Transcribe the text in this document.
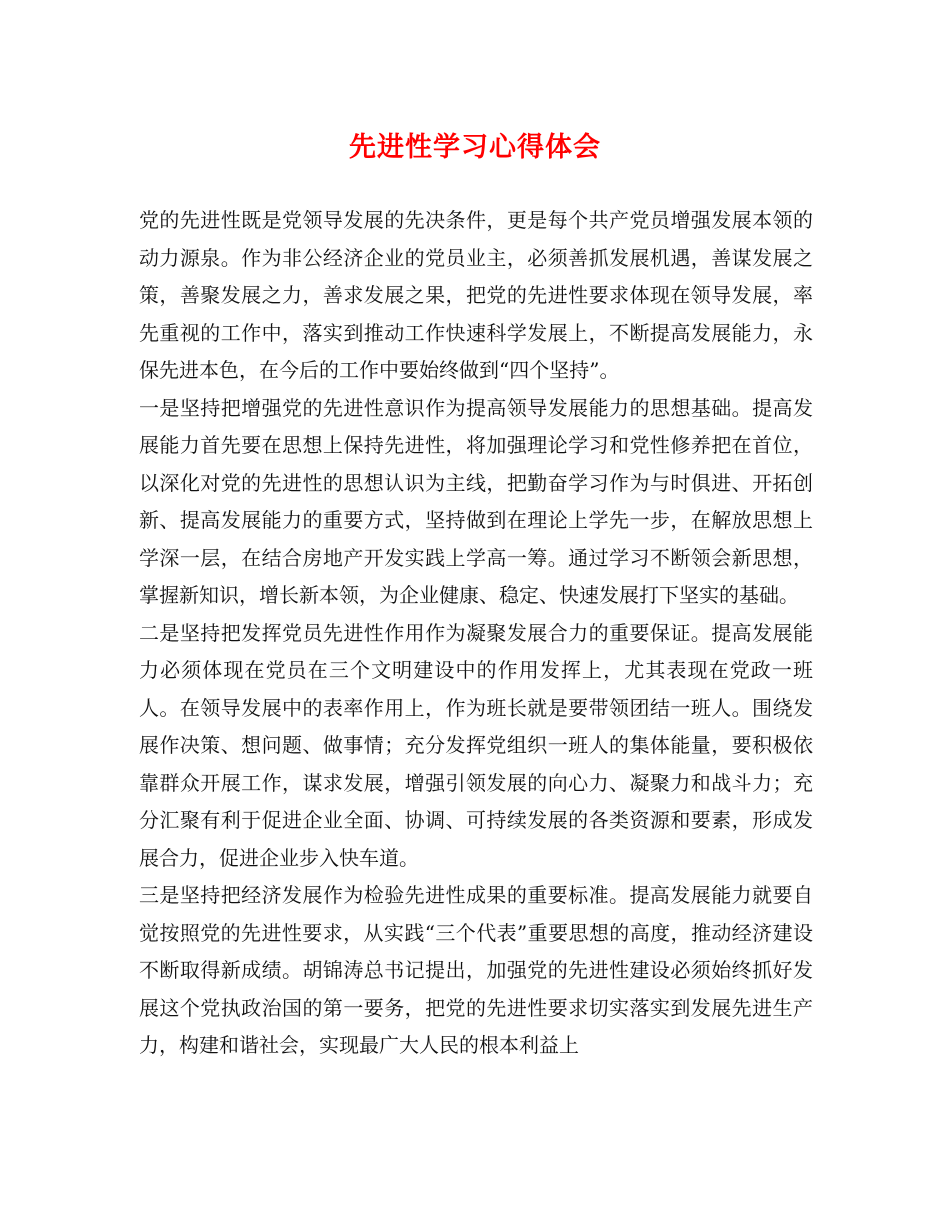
先进性学习心得体会

党的先进性既是党领导发展的先决条件，更是每个共产党员增强发展本领的动力源泉。作为非公经济企业的党员业主，必须善抓发展机遇，善谋发展之策，善聚发展之力，善求发展之果，把党的先进性要求体现在领导发展，率先重视的工作中，落实到推动工作快速科学发展上，不断提高发展能力，永保先进本色，在今后的工作中要始终做到“四个坚持”。

一是坚持把增强党的先进性意识作为提高领导发展能力的思想基础。提高发展能力首先要在思想上保持先进性，将加强理论学习和党性修养把在首位，以深化对党的先进性的思想认识为主线，把勤奋学习作为与时俱进、开拓创新、提高发展能力的重要方式，坚持做到在理论上学先一步，在解放思想上学深一层，在结合房地产开发实践上学高一筹。通过学习不断领会新思想，掌握新知识，增长新本领，为企业健康、稳定、快速发展打下坚实的基础。

二是坚持把发挥党员先进性作用作为凝聚发展合力的重要保证。提高发展能力必须体现在党员在三个文明建设中的作用发挥上，尤其表现在党政一班人。在领导发展中的表率作用上，作为班长就是要带领团结一班人。围绕发展作决策、想问题、做事情；充分发挥党组织一班人的集体能量，要积极依靠群众开展工作，谋求发展，增强引领发展的向心力、凝聚力和战斗力；充分汇聚有利于促进企业全面、协调、可持续发展的各类资源和要素，形成发展合力，促进企业步入快车道。

三是坚持把经济发展作为检验先进性成果的重要标准。提高发展能力就要自觉按照党的先进性要求，从实践“三个代表”重要思想的高度，推动经济建设不断取得新成绩。胡锦涛总书记提出，加强党的先进性建设必须始终抓好发展这个党执政治国的第一要务，把党的先进性要求切实落实到发展先进生产力，构建和谐社会，实现最广大人民的根本利益上
